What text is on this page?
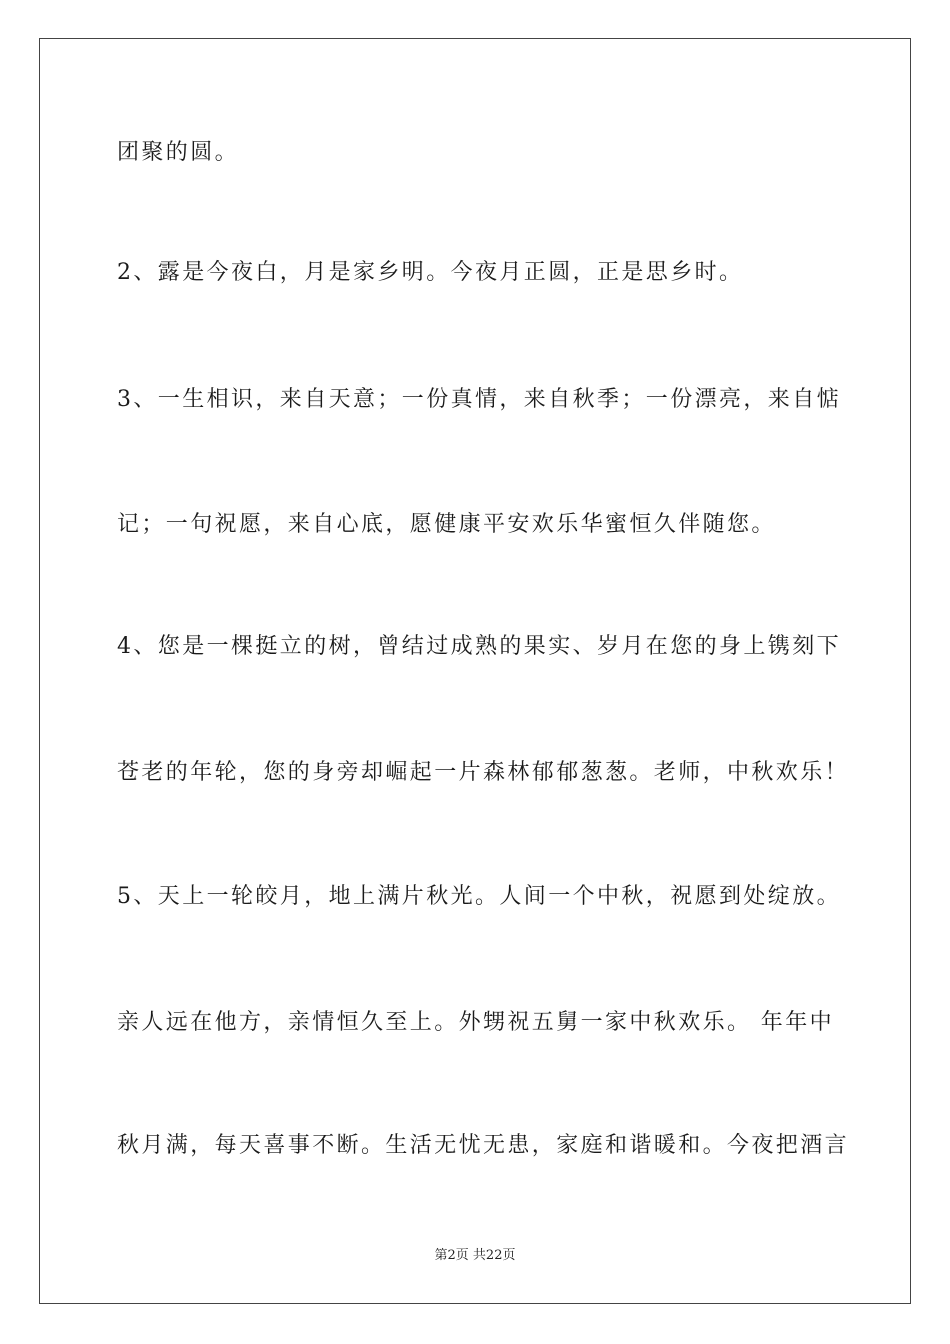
团聚的圆。
2、露是今夜白，月是家乡明。今夜月正圆，正是思乡时。
3、一生相识，来自天意；一份真情，来自秋季；一份漂亮，来自惦
记；一句祝愿，来自心底，愿健康平安欢乐华蜜恒久伴随您。
4、您是一棵挺立的树，曾结过成熟的果实、岁月在您的身上镌刻下
苍老的年轮，您的身旁却崛起一片森林郁郁葱葱。老师，中秋欢乐！
5、天上一轮皎月，地上满片秋光。人间一个中秋，祝愿到处绽放。
亲人远在他方，亲情恒久至上。外甥祝五舅一家中秋欢乐。 年年中
秋月满，每天喜事不断。生活无忧无患，家庭和谐暖和。今夜把酒言
第2页 共22页
